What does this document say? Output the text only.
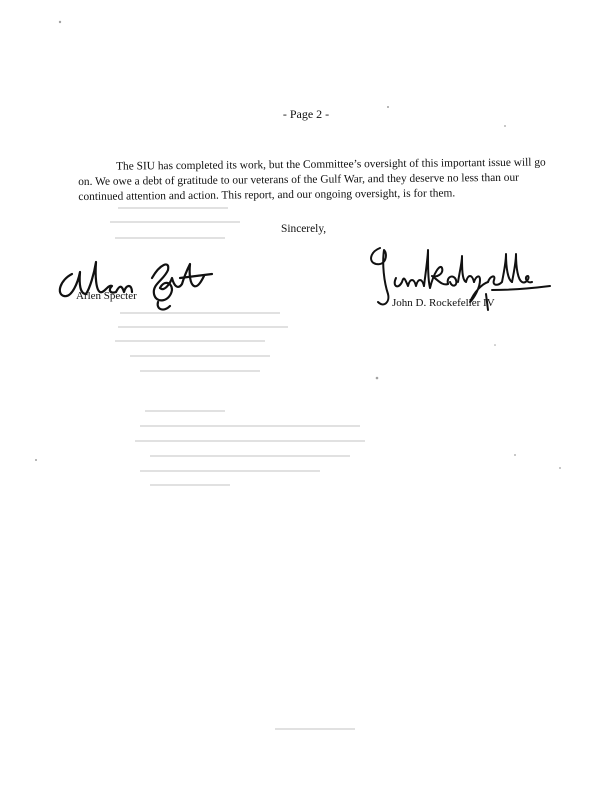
- Page 2 -
The SIU has completed its work, but the Committee’s oversight of this important issue will go on. We owe a debt of gratitude to our veterans of the Gulf War, and they deserve no less than our continued attention and action. This report, and our ongoing oversight, is for them.
Sincerely,
Arlen Specter
John D. Rockefeller IV
